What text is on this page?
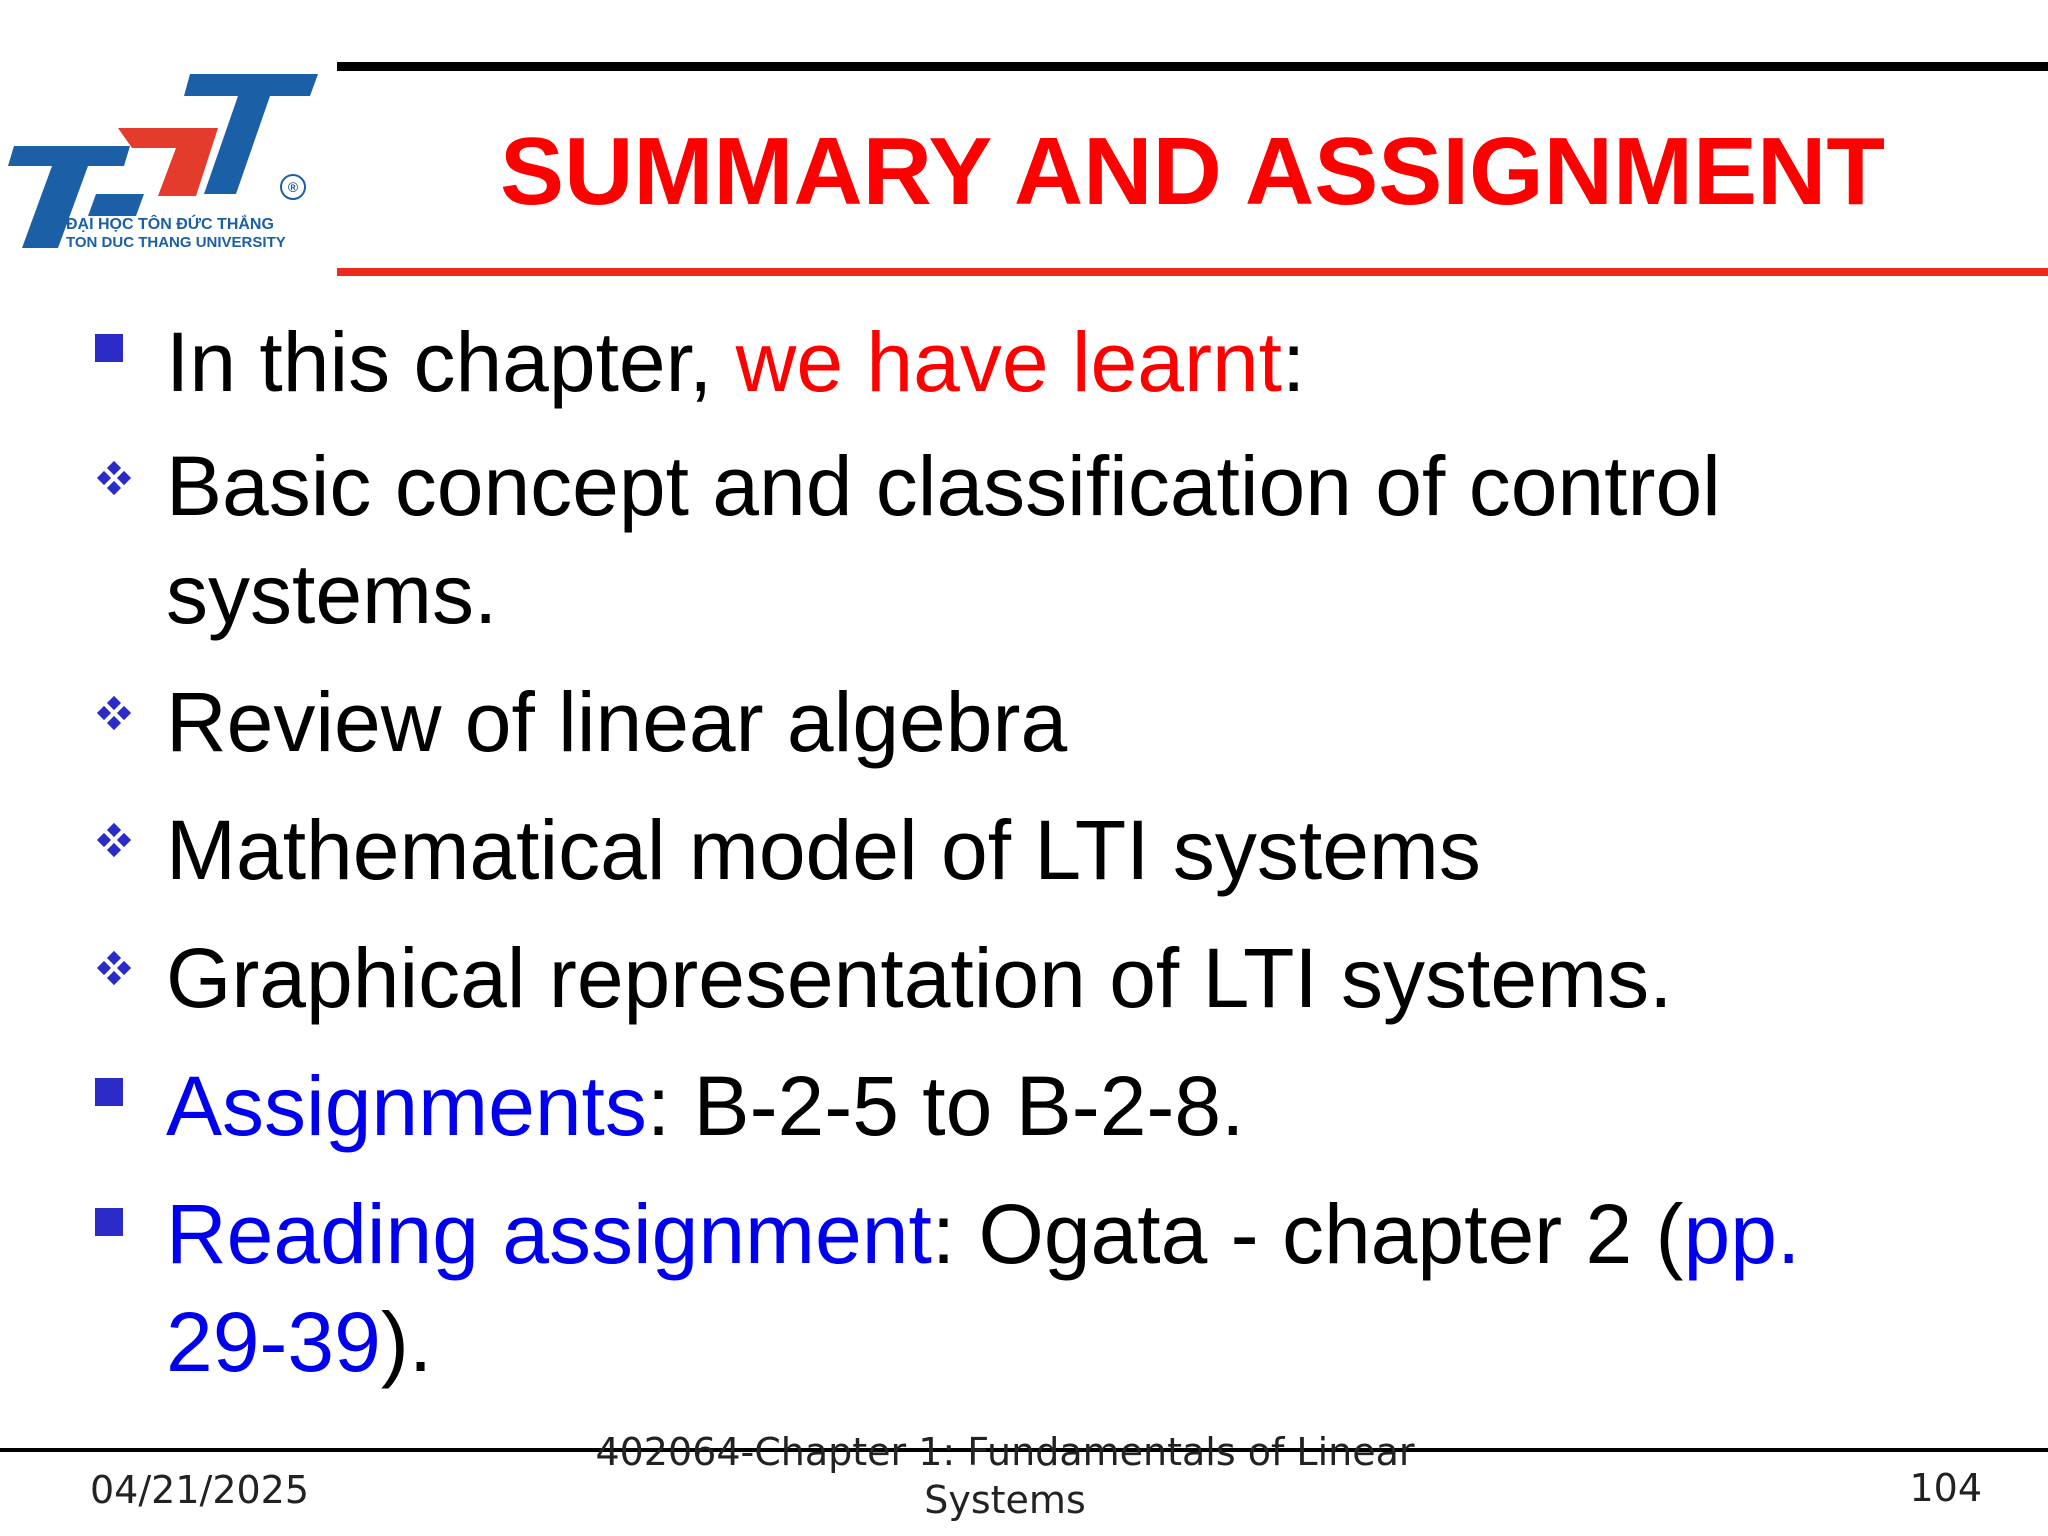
®
ĐẠI HỌC TÔN ĐỨC THẮNG
TON DUC THANG UNIVERSITY
SUMMARY AND ASSIGNMENT
In this chapter, we have learnt:
Basic concept and classification of control
systems.
Review of linear algebra
Mathematical model of LTI systems
Graphical representation of LTI systems.
Assignments: B-2-5 to B-2-8.
Reading assignment: Ogata - chapter 2 (pp.
29-39).
04/21/2025
402064-Chapter 1: Fundamentals of Linear
Systems	104
